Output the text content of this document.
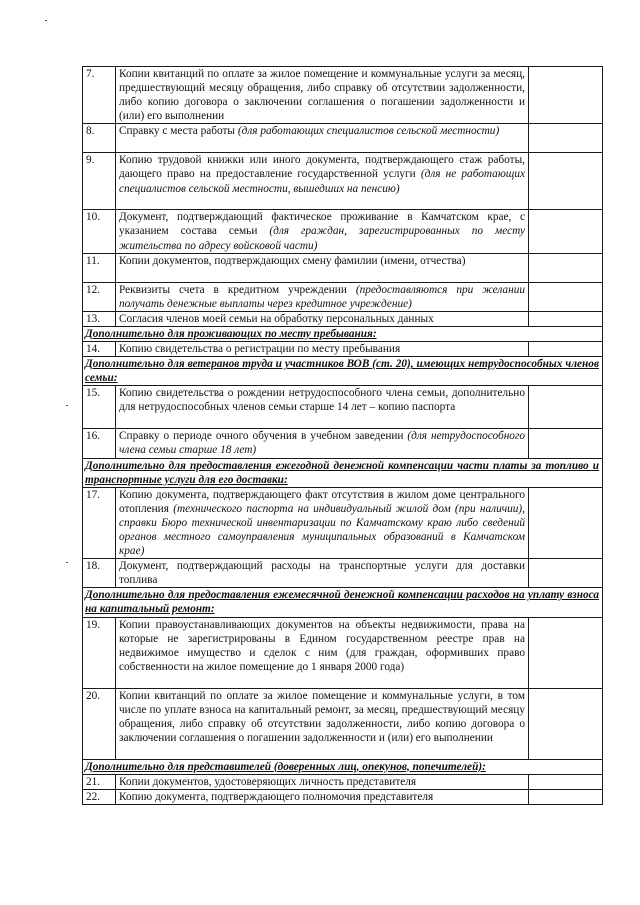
7.	Копии квитанций по оплате за жилое помещение и коммунальные услуги за месяц, предшествующий месяцу обращения, либо справку об отсутствии задолженности, либо копию договора о заключении соглашения о погашении задолженности и (или) его выполнении	
8.	Справку с места работы (для работающих специалистов сельской местности)	
9.	Копию трудовой книжки или иного документа, подтверждающего стаж работы, дающего право на предоставление государственной услуги (для не работающих специалистов сельской местности, вышедших на пенсию)	
10.	Документ, подтверждающий фактическое проживание в Камчатском крае, с указанием состава семьи (для граждан, зарегистрированных по месту жительства по адресу войсковой части)	
11.	Копии документов, подтверждающих смену фамилии (имени, отчества)	
12.	Реквизиты счета в кредитном учреждении (предоставляются при желании получать денежные выплаты через кредитное учреждение)	
13.	Согласия членов моей семьи на обработку персональных данных	
Дополнительно для проживающих по месту пребывания:		
14.	Копию свидетельства о регистрации по месту пребывания	
Дополнительно для ветеранов труда и участников ВОВ (ст. 20), имеющих нетрудоспособных членов семьи:		
15.	Копию свидетельства о рождении нетрудоспособного члена семьи, дополнительно для нетрудоспособных членов семьи старше 14 лет – копию паспорта	
16.	Справку о периоде очного обучения в учебном заведении (для нетрудоспособного члена семьи старше 18 лет)	
Дополнительно для предоставления ежегодной денежной компенсации части платы за топливо и транспортные услуги для его доставки:		
17.	Копию документа, подтверждающего факт отсутствия в жилом доме центрального отопления (технического паспорта на индивидуальный жилой дом (при наличии), справки Бюро технической инвентаризации по Камчатскому краю либо сведений органов местного самоуправления муниципальных образований в Камчатском крае)	
18.	Документ, подтверждающий расходы на транспортные услуги для доставки топлива	
Дополнительно для предоставления ежемесячной денежной компенсации расходов на уплату взноса на капитальный ремонт:		
19.	Копии правоустанавливающих документов на объекты недвижимости, права на которые не зарегистрированы в Едином государственном реестре прав на недвижимое имущество и сделок с ним (для граждан, оформивших право собственности на жилое помещение до 1 января 2000 года)	
20.	Копии квитанций по оплате за жилое помещение и коммунальные услуги, в том числе по уплате взноса на капитальный ремонт, за месяц, предшествующий месяцу обращения, либо справку об отсутствии задолженности, либо копию договора о заключении соглашения о погашении задолженности и (или) его выполнении	
Дополнительно для представителей (доверенных лиц, опекунов, попечителей):		
21.	Копии документов, удостоверяющих личность представителя	
22.	Копию документа, подтверждающего полномочия представителя	
